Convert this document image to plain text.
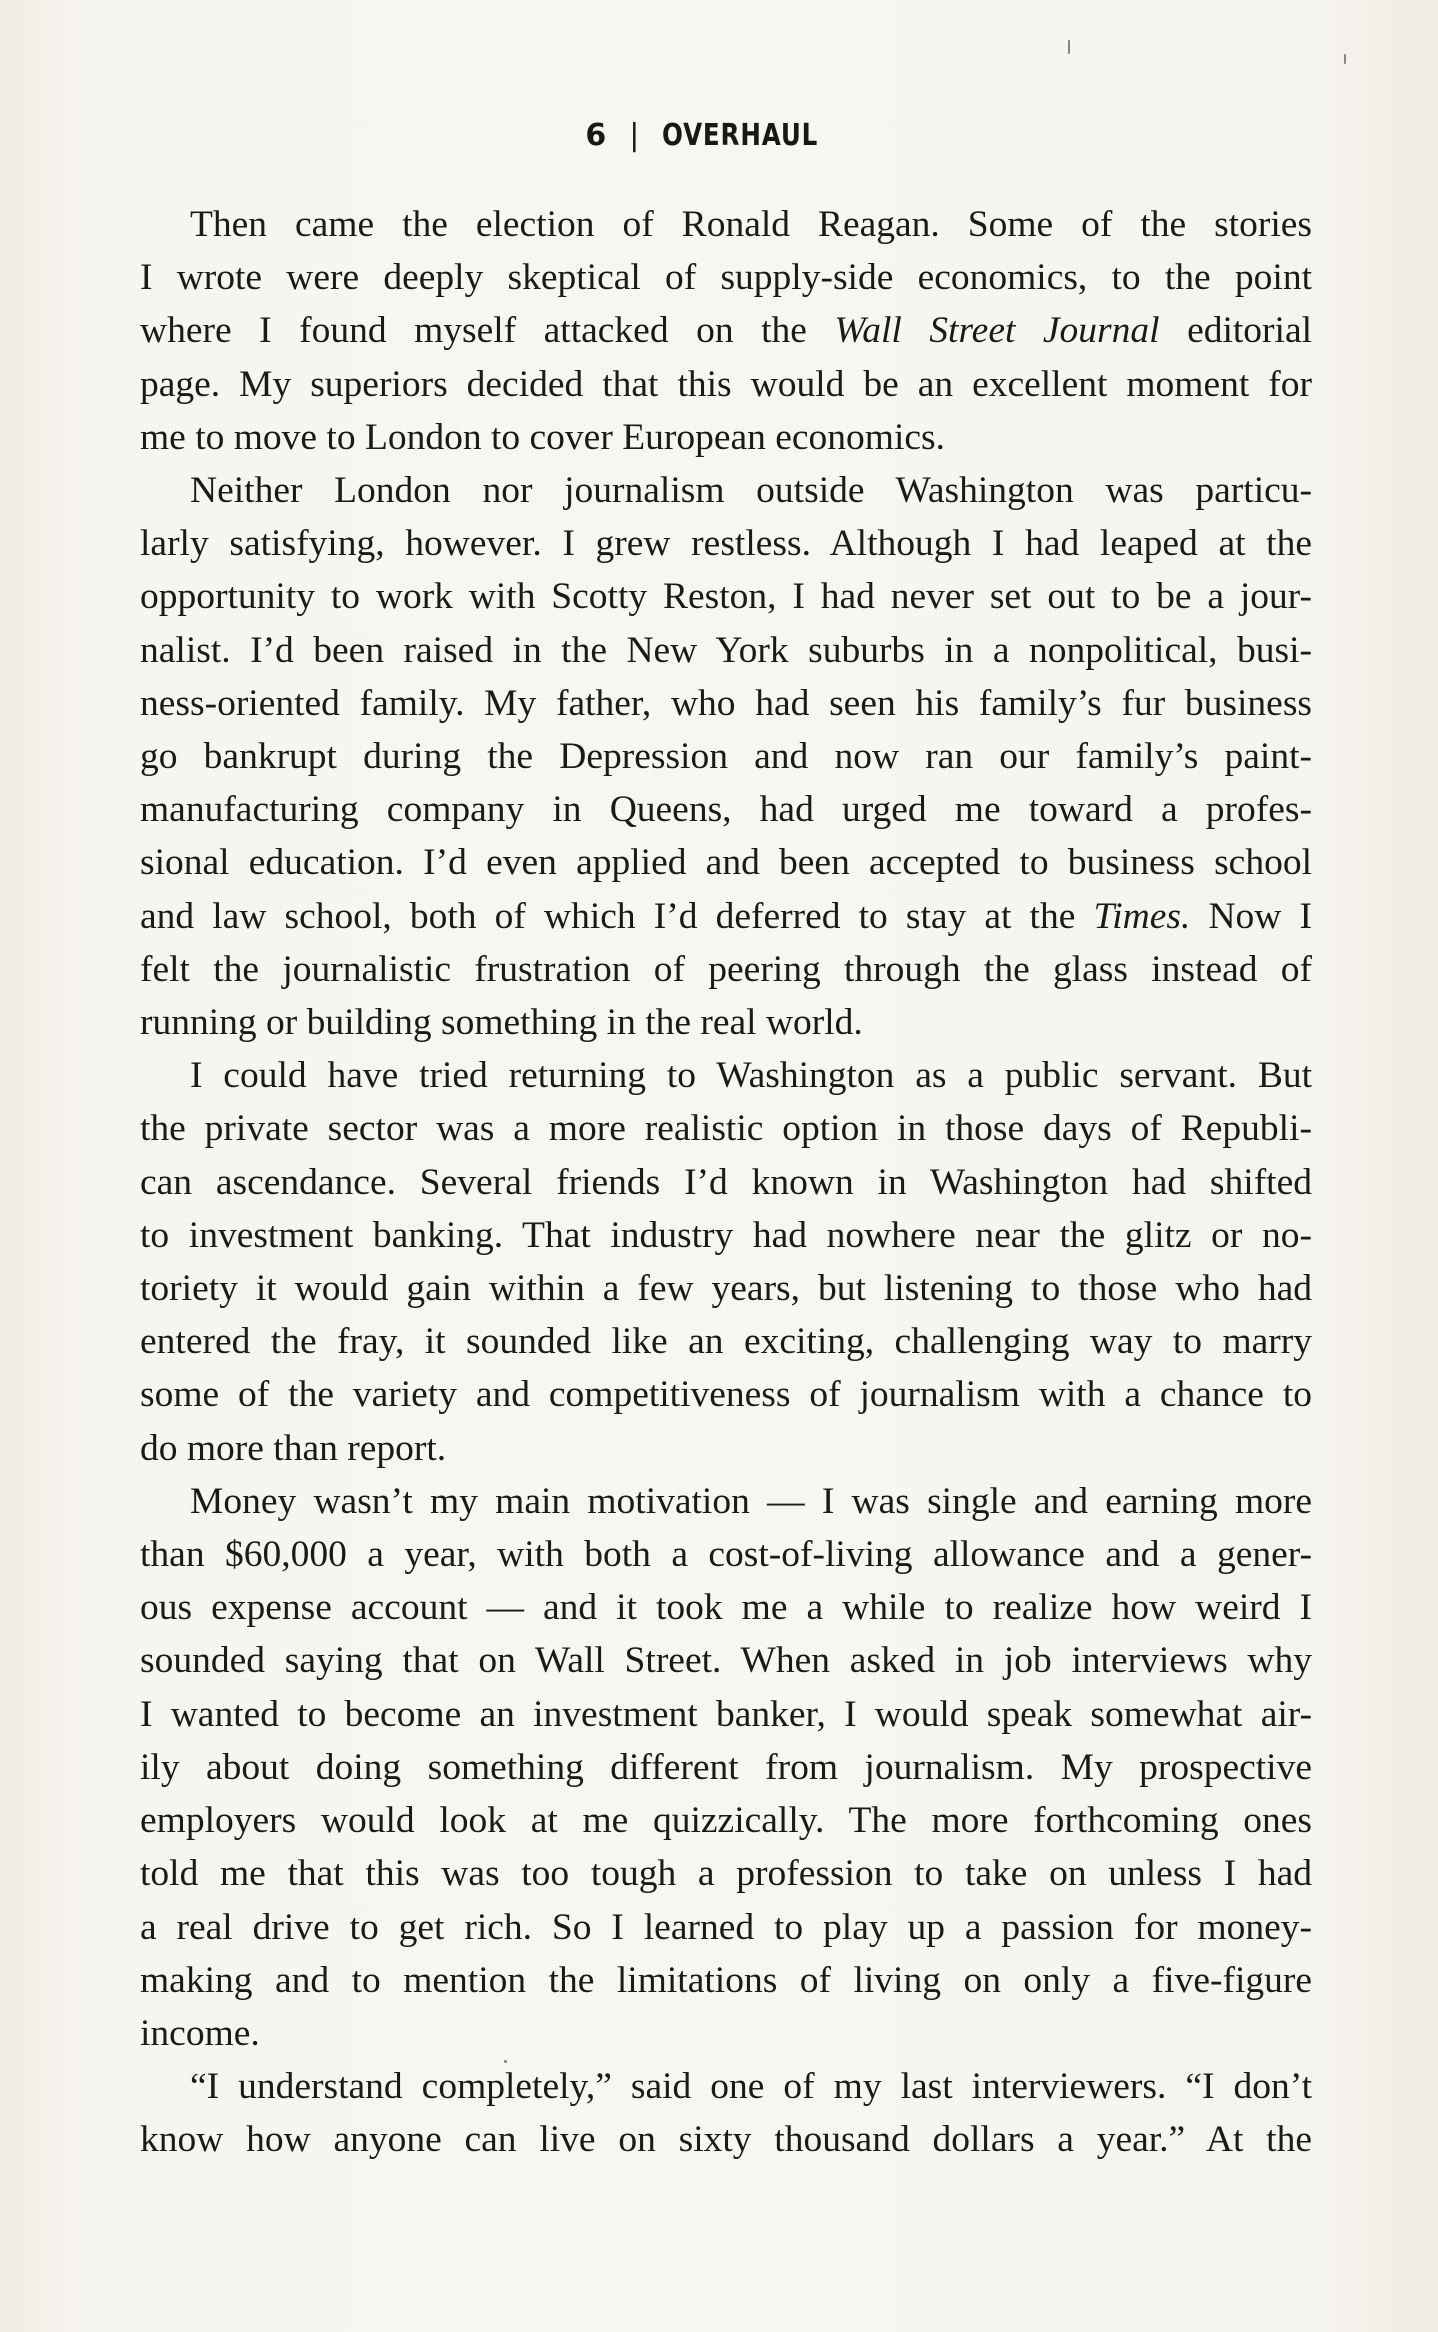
6 | OVERHAUL

Then came the election of Ronald Reagan. Some of the stories
I wrote were deeply skeptical of supply-side economics, to the point
where I found myself attacked on the Wall Street Journal editorial
page. My superiors decided that this would be an excellent moment for
me to move to London to cover European economics.

Neither London nor journalism outside Washington was particu-
larly satisfying, however. I grew restless. Although I had leaped at the
opportunity to work with Scotty Reston, I had never set out to be a jour-
nalist. I’d been raised in the New York suburbs in a nonpolitical, busi-
ness-oriented family. My father, who had seen his family’s fur business
go bankrupt during the Depression and now ran our family’s paint-
manufacturing company in Queens, had urged me toward a profes-
sional education. I’d even applied and been accepted to business school
and law school, both of which I’d deferred to stay at the Times. Now I
felt the journalistic frustration of peering through the glass instead of
running or building something in the real world.

I could have tried returning to Washington as a public servant. But
the private sector was a more realistic option in those days of Republi-
can ascendance. Several friends I’d known in Washington had shifted
to investment banking. That industry had nowhere near the glitz or no-
toriety it would gain within a few years, but listening to those who had
entered the fray, it sounded like an exciting, challenging way to marry
some of the variety and competitiveness of journalism with a chance to
do more than report.

Money wasn’t my main motivation — I was single and earning more
than $60,000 a year, with both a cost-of-living allowance and a gener-
ous expense account — and it took me a while to realize how weird I
sounded saying that on Wall Street. When asked in job interviews why
I wanted to become an investment banker, I would speak somewhat air-
ily about doing something different from journalism. My prospective
employers would look at me quizzically. The more forthcoming ones
told me that this was too tough a profession to take on unless I had
a real drive to get rich. So I learned to play up a passion for money-
making and to mention the limitations of living on only a five-figure
income.

“I understand completely,” said one of my last interviewers. “I don’t
know how anyone can live on sixty thousand dollars a year.” At the
